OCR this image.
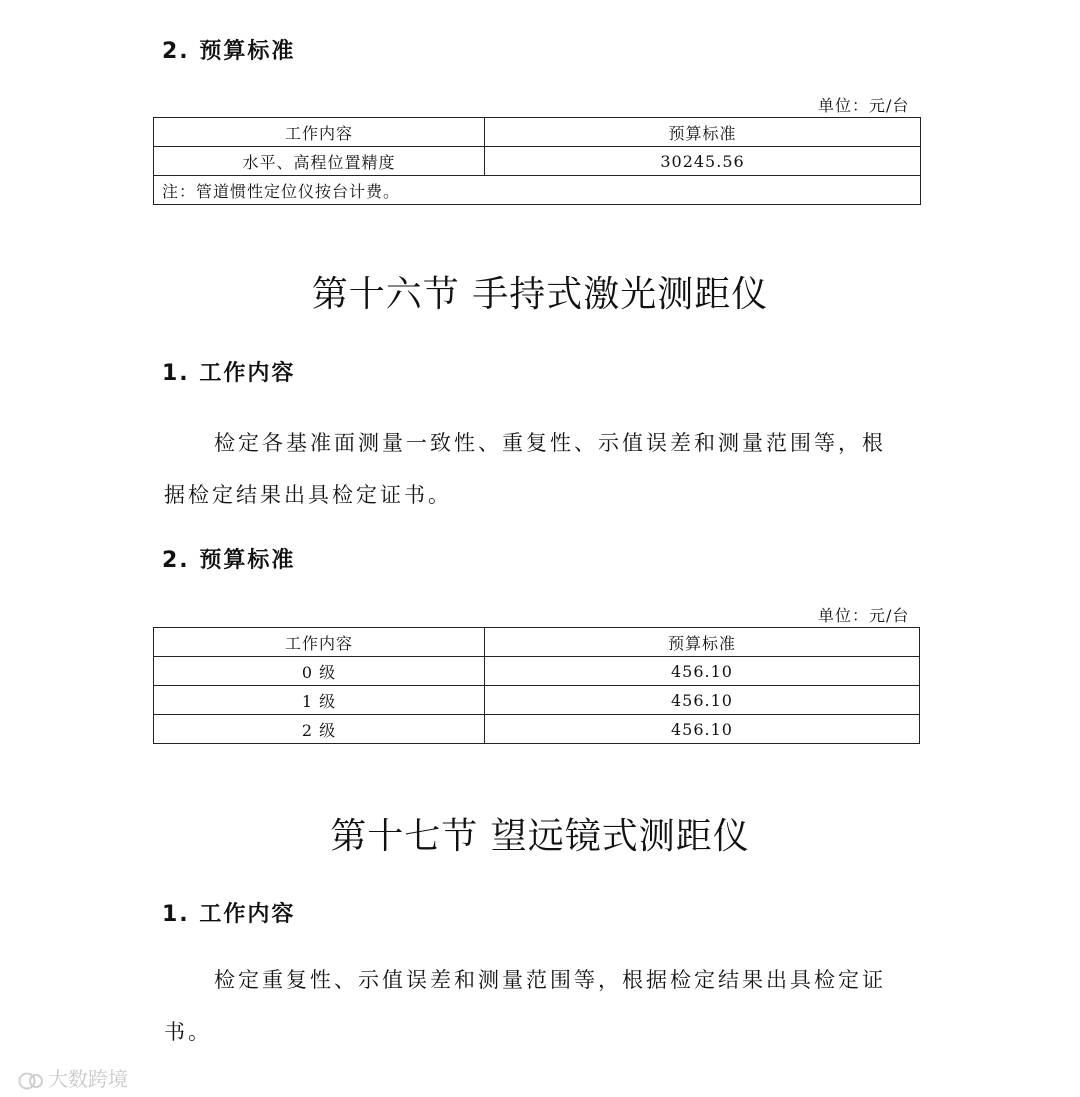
2. 预算标准
单位：元/台
工作内容	预算标准
水平、高程位置精度	30245.56
注：管道惯性定位仪按台计费。	
第十六节 手持式激光测距仪
1. 工作内容
检定各基准面测量一致性、重复性、示值误差和测量范围等，根
据检定结果出具检定证书。
2. 预算标准
单位：元/台
工作内容	预算标准
0 级	456.10
1 级	456.10
2 级	456.10
第十七节 望远镜式测距仪
1. 工作内容
检定重复性、示值误差和测量范围等，根据检定结果出具检定证
书。
大数跨境
